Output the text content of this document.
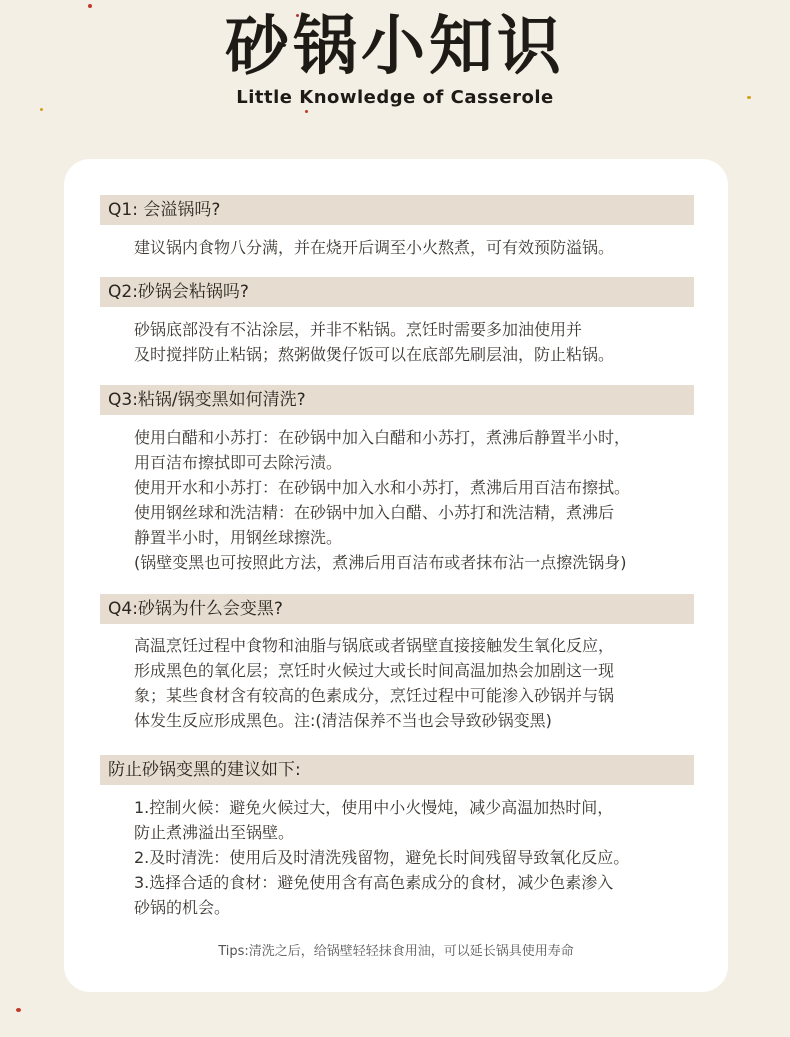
砂锅小知识
Little Knowledge of Casserole
Q1: 会溢锅吗?

建议锅内食物八分满，并在烧开后调至小火熬煮，可有效预防溢锅。

Q2:砂锅会粘锅吗?

砂锅底部没有不沾涂层，并非不粘锅。烹饪时需要多加油使用并

及时搅拌防止粘锅；熬粥做煲仔饭可以在底部先刷层油，防止粘锅。

Q3:粘锅/锅变黑如何清洗?

使用白醋和小苏打：在砂锅中加入白醋和小苏打，煮沸后静置半小时，

用百洁布擦拭即可去除污渍。

使用开水和小苏打：在砂锅中加入水和小苏打，煮沸后用百洁布擦拭。

使用钢丝球和洗洁精：在砂锅中加入白醋、小苏打和洗洁精，煮沸后

静置半小时，用钢丝球擦洗。

(锅壁变黑也可按照此方法，煮沸后用百洁布或者抹布沾一点擦洗锅身)

Q4:砂锅为什么会变黑?

高温烹饪过程中食物和油脂与锅底或者锅壁直接接触发生氧化反应，

形成黑色的氧化层；烹饪时火候过大或长时间高温加热会加剧这一现

象；某些食材含有较高的色素成分，烹饪过程中可能渗入砂锅并与锅

体发生反应形成黑色。注:(清洁保养不当也会导致砂锅变黑)

防止砂锅变黑的建议如下:

1.控制火候：避免火候过大，使用中小火慢炖，减少高温加热时间，

防止煮沸溢出至锅壁。

2.及时清洗：使用后及时清洗残留物，避免长时间残留导致氧化反应。

3.选择合适的食材：避免使用含有高色素成分的食材，减少色素渗入

砂锅的机会。

Tips:清洗之后，给锅壁轻轻抹食用油，可以延长锅具使用寿命
